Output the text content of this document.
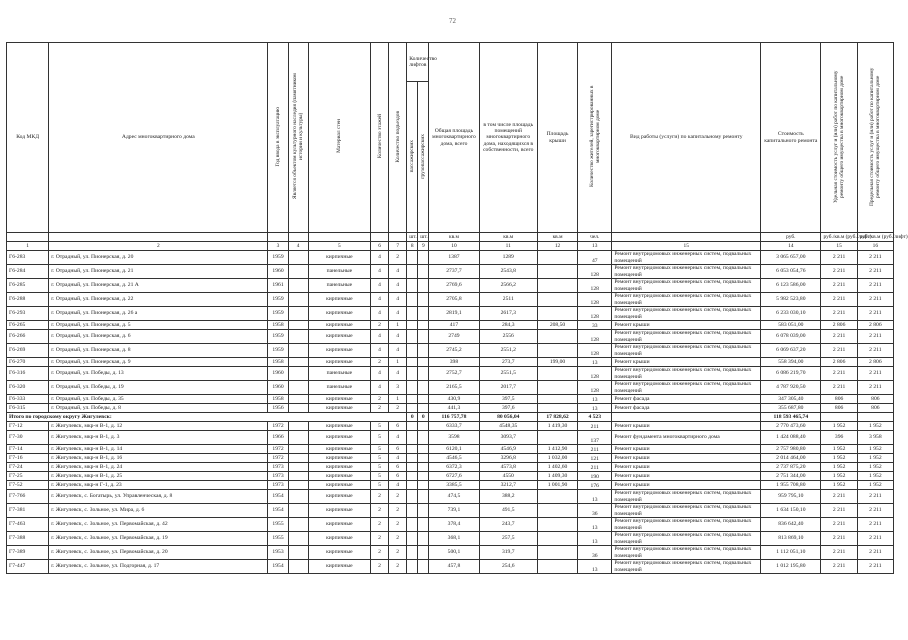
72
Код МКД	Адрес многоквартирного дома	Год ввода в эксплуатацию	Является объектом культурного наследия (памятником истории и культуры)	Материал стен	Количество этажей	Количество подъездов	Количество лифтов		Общая площадь многоквартирного дома, всего	в том числе площадь помещений многоквартирного дома, находящихся в собственности, всего	Площадь крыши	Количество жителей, зарегистрированных в многоквартирном доме	Вид работы (услуги) по капитальному ремонту	Стоимость капитального ремонта	Удельная стоимость услуг и (или) работ по капитальному ремонту общего имущества в многоквартирном доме	Предельная стоимость услуг и (или) работ по капитальному ремонту общего имущества в многоквартирном доме
							пассажирских	грузопассажирских								
							шт.	шт.	кв.м	кв.м	кв.м	чел.		руб.	руб./кв.м (руб./лифт)	руб./кв.м (руб./лифт)
1	2	3	4	5	6	7	8	9	10	11	12	13	15	14	15	16
Г6-283	г. Отрадный, ул. Пионерская, д. 20	1959		кирпичные	4	2			1387	1289		47	Ремонт внутридомовых инженерных систем, подвальных помещений	3 065 657,00	2 211	2 211
Г6-284	г. Отрадный, ул. Пионерская, д. 21	1960		панельные	4	4			2737,7	2543,8		128	Ремонт внутридомовых инженерных систем, подвальных помещений	6 053 054,76	2 211	2 211
Г6-285	г. Отрадный, ул. Пионерская, д. 21 А	1961		панельные	4	4			2769,6	2566,2		128	Ремонт внутридомовых инженерных систем, подвальных помещений	6 123 586,00	2 211	2 211
Г6-288	г. Отрадный, ул. Пионерская, д. 22	1959		кирпичные	4	4			2705,8	2511		128	Ремонт внутридомовых инженерных систем, подвальных помещений	5 982 523,80	2 211	2 211
Г6-293	г. Отрадный, ул. Пионерская, д. 26 а	1959		кирпичные	4	4			2819,1	2617,3		128	Ремонт внутридомовых инженерных систем, подвальных помещений	6 233 030,10	2 211	2 211
Г6-265	г. Отрадный, ул. Пионерская, д. 5	1958		кирпичные	2	1			417	284,3	208,50	33	Ремонт крыши	583 051,00	2 806	2 806
Г6-266	г. Отрадный, ул. Пионерская, д. 6	1959		кирпичные	4	4			2749	2556		128	Ремонт внутридомовых инженерных систем, подвальных помещений	6 078 039,00	2 211	2 211
Г6-269	г. Отрадный, ул. Пионерская, д. 8	1959		кирпичные	4	4			2745,2	2551,2		128	Ремонт внутридомовых инженерных систем, подвальных помещений	6 069 637,20	2 211	2 211
Г6-270	г. Отрадный, ул. Пионерская, д. 9	1958		кирпичные	2	1			398	273,7	199,00	13	Ремонт крыши	558 394,00	2 806	2 806
Г6-316	г. Отрадный, ул. Победы, д. 13	1960		панельные	4	4			2752,7	2551,5		128	Ремонт внутридомовых инженерных систем, подвальных помещений	6 086 219,70	2 211	2 211
Г6-320	г. Отрадный, ул. Победы, д. 19	1960		панельные	4	3			2165,5	2017,7		128	Ремонт внутридомовых инженерных систем, подвальных помещений	4 787 920,50	2 211	2 211
Г6-333	г. Отрадный, ул. Победы, д. 35	1958		кирпичные	2	1			430,9	397,5		13	Ремонт фасада	347 305,40	806	806
Г6-315	г. Отрадный, ул. Победы, д. 8	1956		кирпичные	2	2			441,3	397,6		13	Ремонт фасада	355 687,80	806	806
Итого по городскому округу Жигулевск:							0	0	116 757,78	80 056,04	17 828,62	4 523		118 593 465,74		
Г7-12	г. Жигулевск, мкр-н В-1, д. 12	1972		кирпичные	5	6			6333,7	4548,35	1 419,30	211	Ремонт крыши	2 770 473,60	1 952	1 952
Г7-30	г. Жигулевск, мкр-н В-1, д. 3	1966		кирпичные	5	4			3598	3093,7		137	Ремонт фундамента многоквартирного дома	1 424 088,40	396	3 958
Г7-14	г. Жигулевск, мкр-н В-1, д. 14	1972		кирпичные	5	6			6120,1	4546,9	1 412,90	211	Ремонт крыши	2 757 980,80	1 952	1 952
Г7-16	г. Жигулевск, мкр-н В-1, д. 16	1972		кирпичные	5	4			4546,5	3296,8	1 032,00	121	Ремонт крыши	2 014 464,00	1 952	1 952
Г7-24	г. Жигулевск, мкр-н В-1, д. 24	1973		кирпичные	5	6			6372,3	4573,8	1 402,60	211	Ремонт крыши	2 737 875,20	1 952	1 952
Г7-25	г. Жигулевск, мкр-н В-1, д. 25	1973		кирпичные	5	6			6727,6	4550	1 409,30	190	Ремонт крыши	2 751 344,00	1 952	1 952
Г7-52	г. Жигулевск, мкр-н Г-1, д. 23	1973		кирпичные	5	4			3385,5	3212,7	1 001,90	176	Ремонт крыши	1 955 708,80	1 952	1 952
Г7-766	г. Жигулевск, с. Богатырь, ул. Управленческая, д. 8	1954		кирпичные	2	2			474,5	388,2		13	Ремонт внутридомовых инженерных систем, подвальных помещений	959 795,10	2 211	2 211
Г7-381	г. Жигулевск, с. Зольное, ул. Мира, д. 6	1954		кирпичные	2	2			739,1	491,5		36	Ремонт внутридомовых инженерных систем, подвальных помещений	1 634 150,10	2 211	2 211
Г7-463	г. Жигулевск, с. Зольное, ул. Первомайская, д. 42	1955		кирпичные	2	2			378,4	243,7		13	Ремонт внутридомовых инженерных систем, подвальных помещений	836 642,40	2 211	2 211
Г7-388	г. Жигулевск, с. Зольное, ул. Первомайская, д. 19	1955		кирпичные	2	2			368,1	257,5		13	Ремонт внутридомовых инженерных систем, подвальных помещений	813 869,10	2 211	2 211
Г7-389	г. Жигулевск, с. Зольное, ул. Первомайская, д. 20	1953		кирпичные	2	2			500,1	319,7		36	Ремонт внутридомовых инженерных систем, подвальных помещений	1 112 051,10	2 211	2 211
Г7-447	г. Жигулевск, с. Зольное, ул. Подгорная, д. 17	1954		кирпичные	2	2			457,8	254,6		13	Ремонт внутридомовых инженерных систем, подвальных помещений	1 012 195,80	2 211	2 211
